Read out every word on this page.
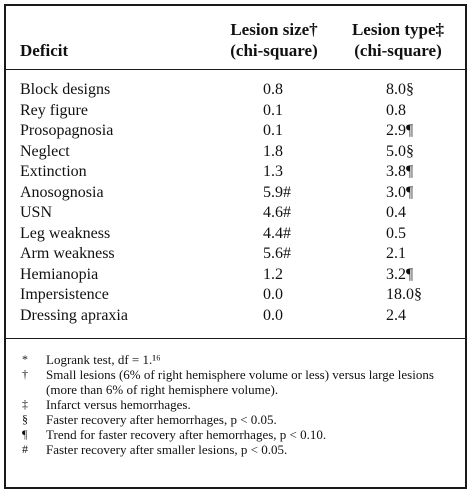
Deficit
Lesion size†
(chi-square)
Lesion type‡
(chi-square)
Block designs	0.8	8.0§
Rey figure	0.1	0.8
Prosopagnosia	0.1	2.9¶
Neglect	1.8	5.0§
Extinction	1.3	3.8¶
Anosognosia	5.9#	3.0¶
USN	4.6#	0.4
Leg weakness	4.4#	0.5
Arm weakness	5.6#	2.1
Hemianopia	1.2	3.2¶
Impersistence	0.0	18.0§
Dressing apraxia	0.0	2.4
*	Logrank test, df = 1.¹⁶
†	Small lesions (6% of right hemisphere volume or less) versus large lesions (more than 6% of right hemisphere volume).
‡	Infarct versus hemorrhages.
§	Faster recovery after hemorrhages, p < 0.05.
¶	Trend for faster recovery after hemorrhages, p < 0.10.
#	Faster recovery after smaller lesions, p < 0.05.
